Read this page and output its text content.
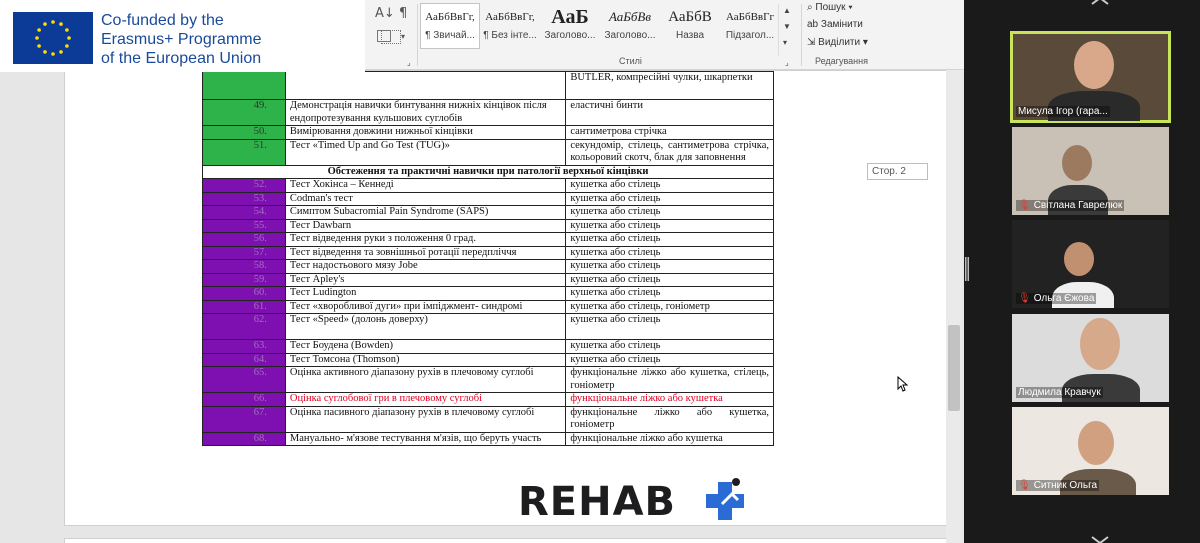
		BUTLER, компресійні чулки, шкарпетки
49.	Демонстрація навички бинтування нижніх кінцівок після ендопротезування кульшових суглобів	еластичні бинти
50.	Вимірювання довжини нижньої кінцівки	сантиметрова стрічка
51.	Тест «Timed Up and Go Test (TUG)»	секундомір, стілець, сантиметрова стрічка, кольоровий скотч, блак для заповнення
Обстеження та практичні навички при патології верхньої кінцівки		
52.	Тест Хокінса – Кеннеді	кушетка або стілець
53.	Codman's тест	кушетка або стілець
54.	Симптом Subacromial Pain Syndrome (SAPS)	кушетка або стілець
55.	Тест Dawbarn	кушетка або стілець
56.	Тест відведення руки з положення 0 град.	кушетка або стілець
57.	Тест відведення та зовнішньої ротації передпліччя	кушетка або стілець
58.	Тест надостьового мязу Jobe	кушетка або стілець
59.	Тест Apley's	кушетка або стілець
60.	Тест Ludington	кушетка або стілець
61.	Тест «хворобливої дуги» при імпіджмент- синдромі	кушетка або стілець, гоніометр
62.	Тест «Speed» (долонь доверху)	кушетка або стілець
63.	Тест Боудена (Bowden)	кушетка або стілець
64.	Тест Томсона (Thomson)	кушетка або стілець
65.	Оцінка активного діапазону рухів в плечовому суглобі	функціональне ліжко або кушетка, стілець, гоніометр
66.	Оцінка суглобової гри в плечовому суглобі	функціональне ліжко або кушетка
67.	Оцінка пасивного діапазону рухів в плечовому суглобі	функціональне ліжко або кушетка, гоніометр
68.	Мануально- м'язове тестування м'язів, що беруть участь	функціональне ліжко або кушетка
Стор. 2
REHAB
A↓ ¶
▾
⌟
АаБбВвГг,
¶ Звичай...
АаБбВвГг,
¶ Без інте...
АаБ
Заголово...
АаБбВв
Заголово...
АаБбВ
Назва
АаБбВвГг
Підзагол...
Стилі	⌟
▲
▼
▾
⌕ Пошук ▾
ab Замінити
⇲ Виділити ▾
Редагування
Co-funded by the
Erasmus+ Programme
of the European Union
Мисула Ігор (гара...
🎙 Світлана Гаврелюк
🎙 Ольга Єжова
Людмила Кравчук
🎙 Ситник Ольга
